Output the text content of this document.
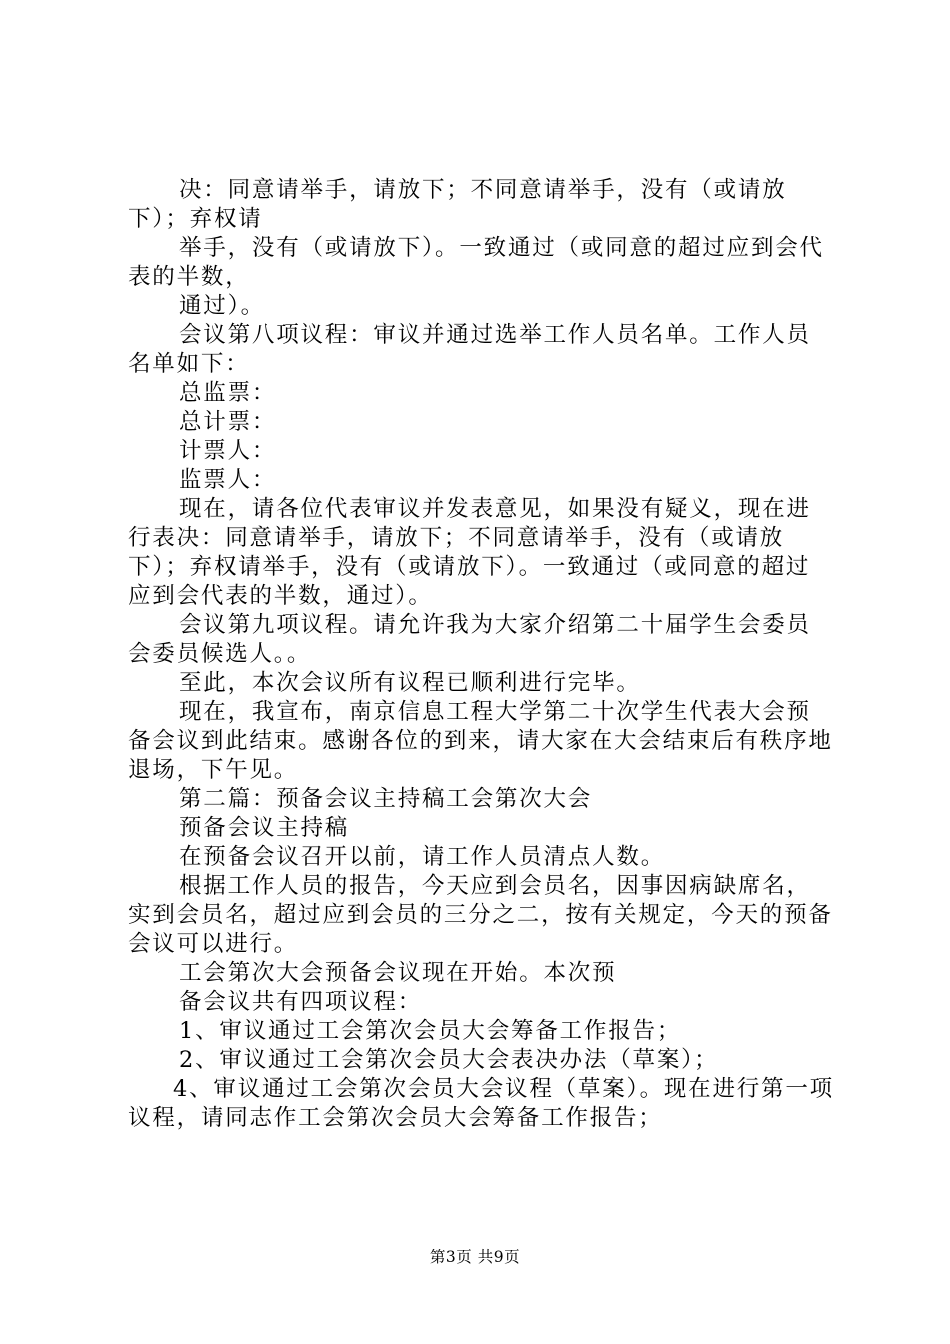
决：同意请举手，请放下；不同意请举手，没有（或请放下）；弃权请

举手，没有（或请放下）。一致通过（或同意的超过应到会代表的半数，

通过）。

会议第八项议程：审议并通过选举工作人员名单。工作人员名单如下：

总监票：

总计票：

计票人：

监票人：

现在，请各位代表审议并发表意见，如果没有疑义，现在进行表决：同意请举手，请放下；不同意请举手，没有（或请放下）；弃权请举手，没有（或请放下）。一致通过（或同意的超过应到会代表的半数，通过）。

会议第九项议程。请允许我为大家介绍第二十届学生会委员会委员候选人。。

至此，本次会议所有议程已顺利进行完毕。

现在，我宣布，南京信息工程大学第二十次学生代表大会预备会议到此结束。感谢各位的到来，请大家在大会结束后有秩序地退场，下午见。

第二篇：预备会议主持稿工会第次大会

预备会议主持稿

在预备会议召开以前，请工作人员清点人数。

根据工作人员的报告，今天应到会员名，因事因病缺席名，实到会员名，超过应到会员的三分之二，按有关规定，今天的预备会议可以进行。

工会第次大会预备会议现在开始。本次预

备会议共有四项议程：

1、审议通过工会第次会员大会筹备工作报告；

2、审议通过工会第次会员大会表决办法（草案）；

4、审议通过工会第次会员大会议程（草案）。现在进行第一项议程，请同志作工会第次会员大会筹备工作报告；

第3页 共9页
